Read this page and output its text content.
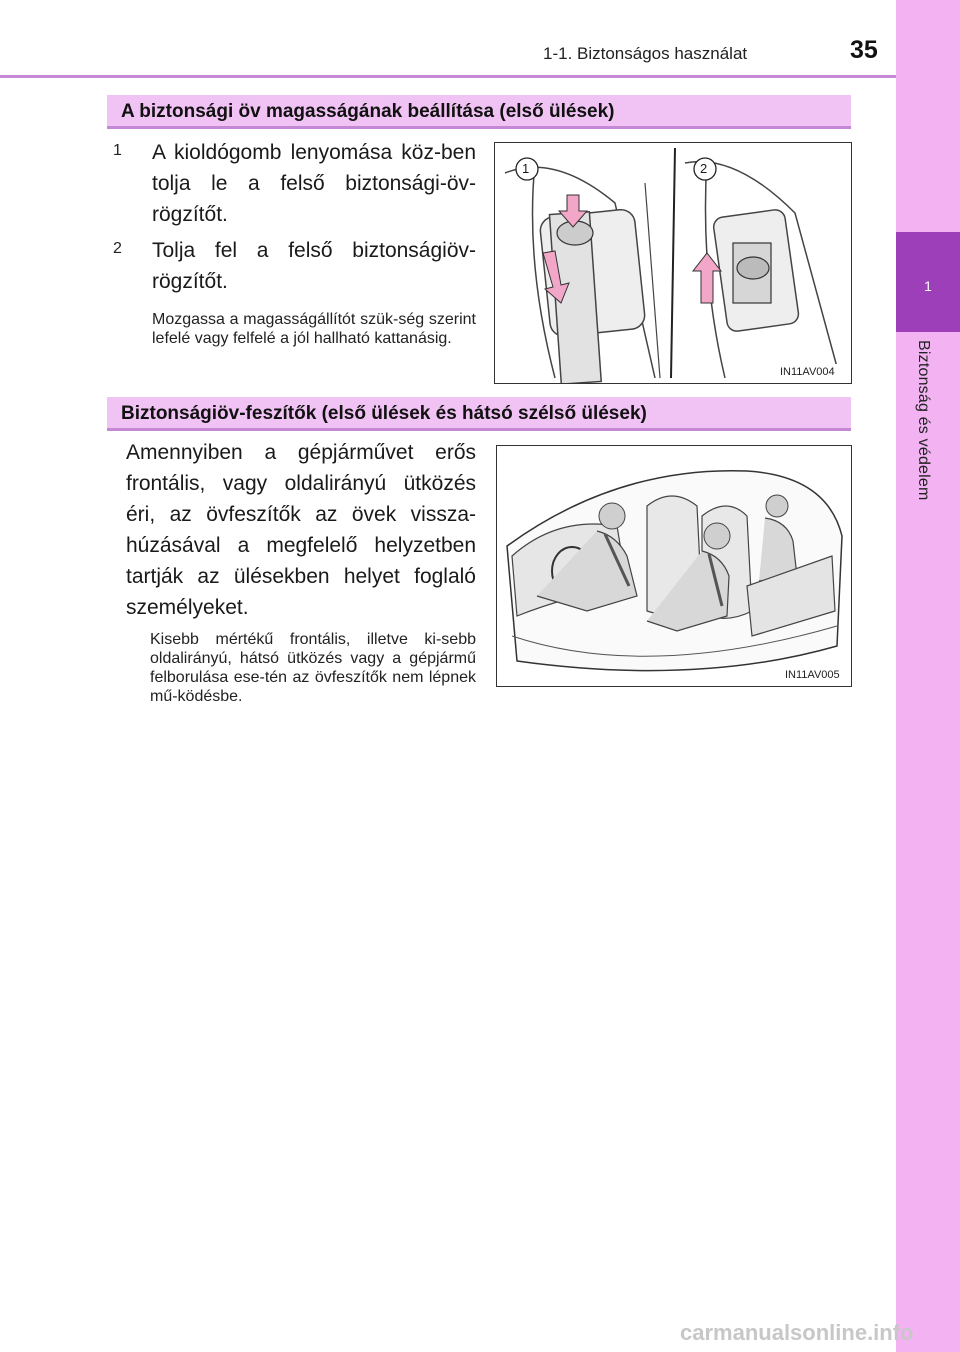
1-1. Biztonságos használat	35
1
Biztonság és védelem
A biztonsági öv magasságának beállítása (első ülések)
1 A kioldógomb lenyomása köz-ben tolja le a felső biztonsági-öv-rögzítőt.
2 Tolja fel a felső biztonságiöv-rögzítőt.
Mozgassa a magasságállítót szük-ség szerint lefelé vagy felfelé a jól hallható kattanásig.
1	2
IN11AV004
Biztonságiöv-feszítők (első ülések és hátsó szélső ülések)
Amennyiben a gépjárművet erős frontális, vagy oldalirányú ütközés éri, az övfeszítők az övek vissza-húzásával a megfelelő helyzetben tartják az ülésekben helyet foglaló személyeket.
Kisebb mértékű frontális, illetve ki-sebb oldalirányú, hátsó ütközés vagy a gépjármű felborulása ese-tén az övfeszítők nem lépnek mű-ködésbe.
IN11AV005
carmanualsonline.info
